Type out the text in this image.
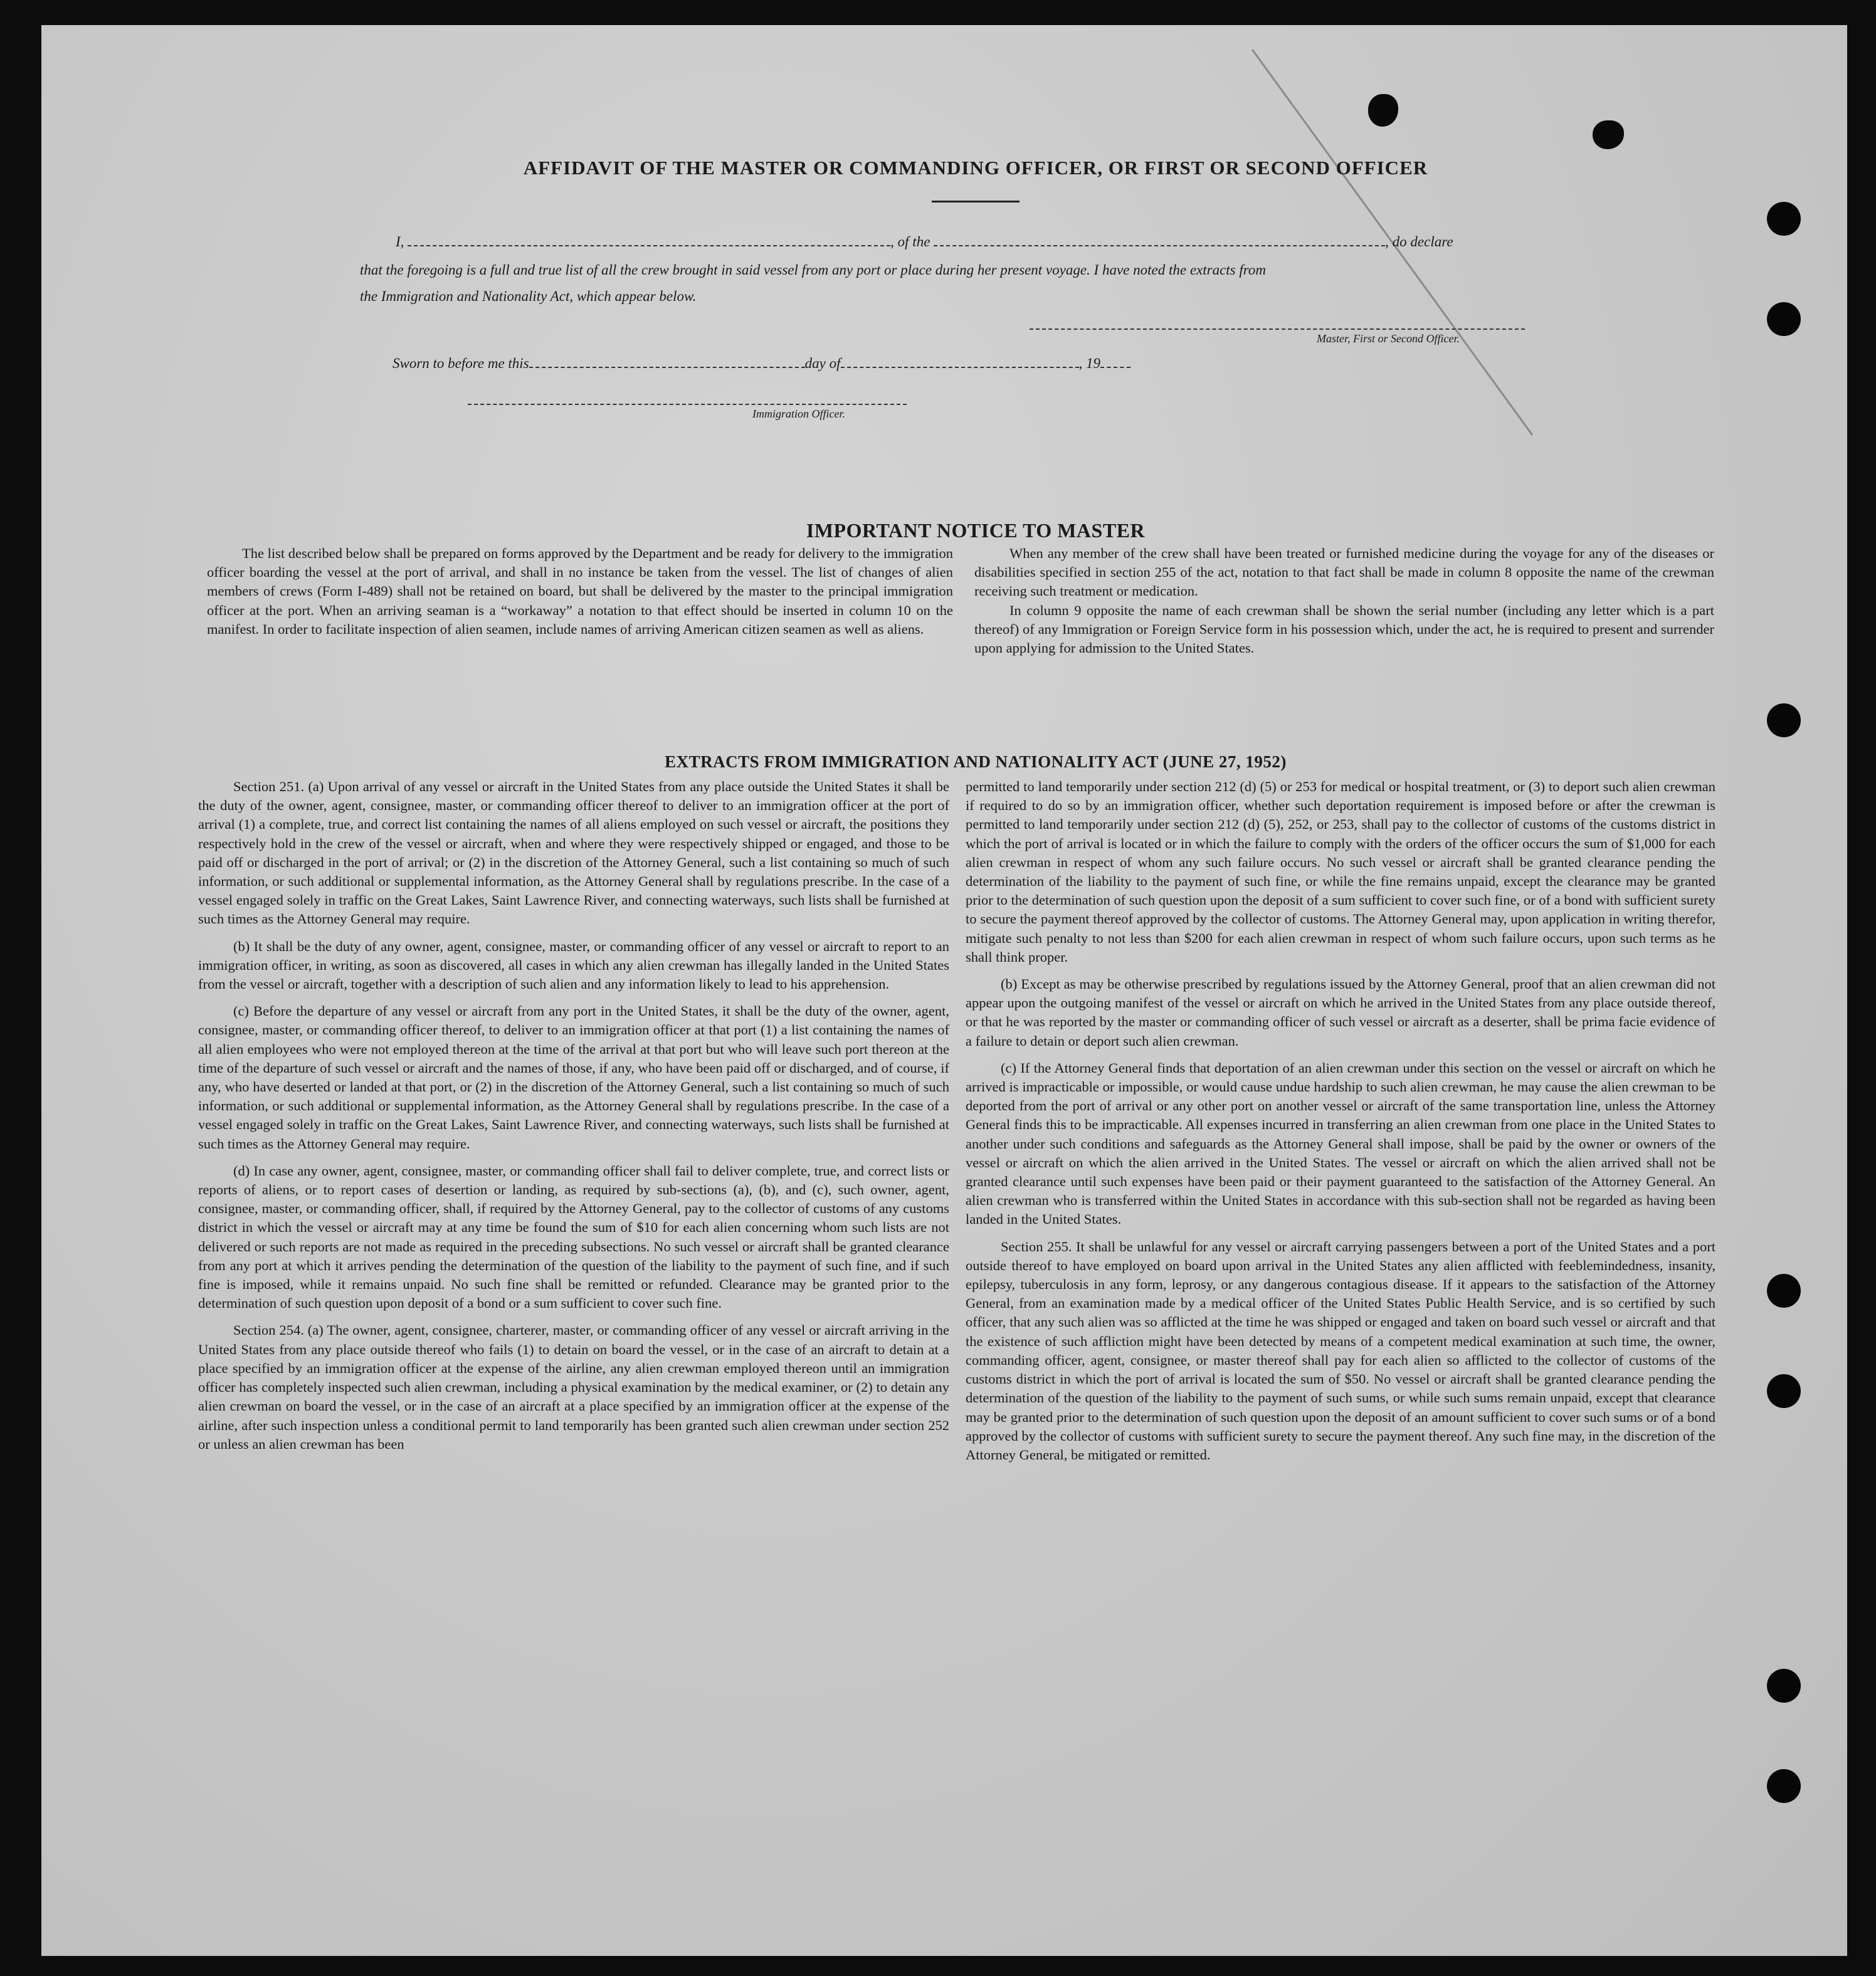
AFFIDAVIT OF THE MASTER OR COMMANDING OFFICER, OR FIRST OR SECOND OFFICER
I,	, of the	, do declare
that the foregoing is a full and true list of all the crew brought in said vessel from any port or place during her present voyage. I have noted the extracts from
the Immigration and Nationality Act, which appear below.
Master, First or Second Officer.
Sworn to before me this	day of	, 19
Immigration Officer.
IMPORTANT NOTICE TO MASTER

The list described below shall be prepared on forms approved by the Department and be ready for delivery to the immigration officer boarding the vessel at the port of arrival, and shall in no instance be taken from the vessel. The list of changes of alien members of crews (Form I-489) shall not be retained on board, but shall be delivered by the master to the principal immigration officer at the port. When an arriving seaman is a “workaway” a notation to that effect should be inserted in column 10 on the manifest. In order to facilitate inspection of alien seamen, include names of arriving American citizen seamen as well as aliens.

When any member of the crew shall have been treated or furnished medicine during the voyage for any of the diseases or disabilities specified in section 255 of the act, notation to that fact shall be made in column 8 opposite the name of the crewman receiving such treatment or medication.

In column 9 opposite the name of each crewman shall be shown the serial number (including any letter which is a part thereof) of any Immigration or Foreign Service form in his possession which, under the act, he is required to present and surrender upon applying for admission to the United States.

EXTRACTS FROM IMMIGRATION AND NATIONALITY ACT (JUNE 27, 1952)

Section 251. (a) Upon arrival of any vessel or aircraft in the United States from any place outside the United States it shall be the duty of the owner, agent, consignee, master, or commanding officer thereof to deliver to an immigration officer at the port of arrival (1) a complete, true, and correct list containing the names of all aliens employed on such vessel or aircraft, the positions they respectively hold in the crew of the vessel or aircraft, when and where they were respectively shipped or engaged, and those to be paid off or discharged in the port of arrival; or (2) in the discretion of the Attorney General, such a list containing so much of such information, or such additional or supplemental information, as the Attorney General shall by regulations prescribe. In the case of a vessel engaged solely in traffic on the Great Lakes, Saint Lawrence River, and connecting waterways, such lists shall be furnished at such times as the Attorney General may require.

(b) It shall be the duty of any owner, agent, consignee, master, or commanding officer of any vessel or aircraft to report to an immigration officer, in writing, as soon as discovered, all cases in which any alien crewman has illegally landed in the United States from the vessel or aircraft, together with a description of such alien and any information likely to lead to his apprehension.

(c) Before the departure of any vessel or aircraft from any port in the United States, it shall be the duty of the owner, agent, consignee, master, or commanding officer thereof, to deliver to an immigration officer at that port (1) a list containing the names of all alien employees who were not employed thereon at the time of the arrival at that port but who will leave such port thereon at the time of the departure of such vessel or aircraft and the names of those, if any, who have been paid off or discharged, and of course, if any, who have deserted or landed at that port, or (2) in the discretion of the Attorney General, such a list containing so much of such information, or such additional or supplemental information, as the Attorney General shall by regulations prescribe. In the case of a vessel engaged solely in traffic on the Great Lakes, Saint Lawrence River, and connecting waterways, such lists shall be furnished at such times as the Attorney General may require.

(d) In case any owner, agent, consignee, master, or commanding officer shall fail to deliver complete, true, and correct lists or reports of aliens, or to report cases of desertion or landing, as required by sub-sections (a), (b), and (c), such owner, agent, consignee, master, or commanding officer, shall, if required by the Attorney General, pay to the collector of customs of any customs district in which the vessel or aircraft may at any time be found the sum of $10 for each alien concerning whom such lists are not delivered or such reports are not made as required in the preceding subsections. No such vessel or aircraft shall be granted clearance from any port at which it arrives pending the determination of the question of the liability to the payment of such fine, and if such fine is imposed, while it remains unpaid. No such fine shall be remitted or refunded. Clearance may be granted prior to the determination of such question upon deposit of a bond or a sum sufficient to cover such fine.

Section 254. (a) The owner, agent, consignee, charterer, master, or commanding officer of any vessel or aircraft arriving in the United States from any place outside thereof who fails (1) to detain on board the vessel, or in the case of an aircraft to detain at a place specified by an immigration officer at the expense of the airline, any alien crewman employed thereon until an immigration officer has completely inspected such alien crewman, including a physical examination by the medical examiner, or (2) to detain any alien crewman on board the vessel, or in the case of an aircraft at a place specified by an immigration officer at the expense of the airline, after such inspection unless a conditional permit to land temporarily has been granted such alien crewman under section 252 or unless an alien crewman has been

permitted to land temporarily under section 212 (d) (5) or 253 for medical or hospital treatment, or (3) to deport such alien crewman if required to do so by an immigration officer, whether such deportation requirement is imposed before or after the crewman is permitted to land temporarily under section 212 (d) (5), 252, or 253, shall pay to the collector of customs of the customs district in which the port of arrival is located or in which the failure to comply with the orders of the officer occurs the sum of $1,000 for each alien crewman in respect of whom any such failure occurs. No such vessel or aircraft shall be granted clearance pending the determination of the liability to the payment of such fine, or while the fine remains unpaid, except the clearance may be granted prior to the determination of such question upon the deposit of a sum sufficient to cover such fine, or of a bond with sufficient surety to secure the payment thereof approved by the collector of customs. The Attorney General may, upon application in writing therefor, mitigate such penalty to not less than $200 for each alien crewman in respect of whom such failure occurs, upon such terms as he shall think proper.

(b) Except as may be otherwise prescribed by regulations issued by the Attorney General, proof that an alien crewman did not appear upon the outgoing manifest of the vessel or aircraft on which he arrived in the United States from any place outside thereof, or that he was reported by the master or commanding officer of such vessel or aircraft as a deserter, shall be prima facie evidence of a failure to detain or deport such alien crewman.

(c) If the Attorney General finds that deportation of an alien crewman under this section on the vessel or aircraft on which he arrived is impracticable or impossible, or would cause undue hardship to such alien crewman, he may cause the alien crewman to be deported from the port of arrival or any other port on another vessel or aircraft of the same transportation line, unless the Attorney General finds this to be impracticable. All expenses incurred in transferring an alien crewman from one place in the United States to another under such conditions and safeguards as the Attorney General shall impose, shall be paid by the owner or owners of the vessel or aircraft on which the alien arrived in the United States. The vessel or aircraft on which the alien arrived shall not be granted clearance until such expenses have been paid or their payment guaranteed to the satisfaction of the Attorney General. An alien crewman who is transferred within the United States in accordance with this sub-section shall not be regarded as having been landed in the United States.

Section 255. It shall be unlawful for any vessel or aircraft carrying passengers between a port of the United States and a port outside thereof to have employed on board upon arrival in the United States any alien afflicted with feeblemindedness, insanity, epilepsy, tuberculosis in any form, leprosy, or any dangerous contagious disease. If it appears to the satisfaction of the Attorney General, from an examination made by a medical officer of the United States Public Health Service, and is so certified by such officer, that any such alien was so afflicted at the time he was shipped or engaged and taken on board such vessel or aircraft and that the existence of such affliction might have been detected by means of a competent medical examination at such time, the owner, commanding officer, agent, consignee, or master thereof shall pay for each alien so afflicted to the collector of customs of the customs district in which the port of arrival is located the sum of $50. No vessel or aircraft shall be granted clearance pending the determination of the question of the liability to the payment of such sums, or while such sums remain unpaid, except that clearance may be granted prior to the determination of such question upon the deposit of an amount sufficient to cover such sums or of a bond approved by the collector of customs with sufficient surety to secure the payment thereof. Any such fine may, in the discretion of the Attorney General, be mitigated or remitted.
